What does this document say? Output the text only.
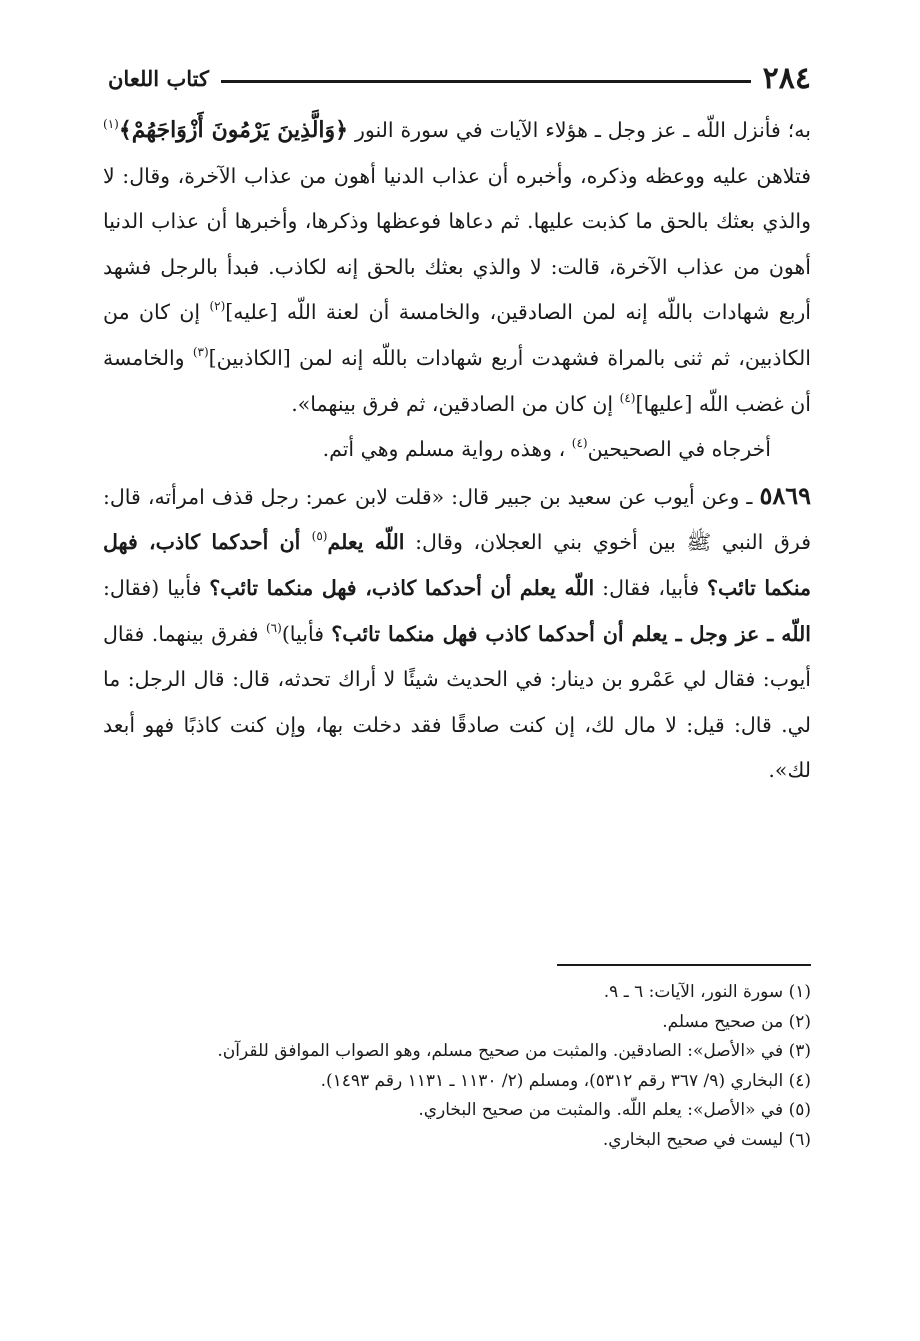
٢٨٤
كتاب اللعان

به؛ فأنزل اللّه ـ عز وجل ـ هؤلاء الآيات في سورة النور ﴿وَالَّذِينَ يَرْمُونَ أَزْوَاجَهُمْ﴾$^{(١)}$ فتلاهن عليه ووعظه وذكره، وأخبره أن عذاب الدنيا أهون من عذاب الآخرة، وقال: لا والذي بعثك بالحق ما كذبت عليها. ثم دعاها فوعظها وذكرها، وأخبرها أن عذاب الدنيا أهون من عذاب الآخرة، قالت: لا والذي بعثك بالحق إنه لكاذب. فبدأ بالرجل فشهد أربع شهادات باللّه إنه لمن الصادقين، والخامسة أن لعنة اللّه [عليه]$^{(٢)}$ إن كان من الكاذبين، ثم ثنى بالمراة فشهدت أربع شهادات باللّه إنه لمن [الكاذبين]$^{(٣)}$ والخامسة أن غضب اللّه [عليها]$^{(٤)}$ إن كان من الصادقين، ثم فرق بينهما».

أخرجاه في الصحيحين$^{(٤)}$ ، وهذه رواية مسلم وهي أتم.

٥٨٦٩ ـ وعن أيوب عن سعيد بن جبير قال: «قلت لابن عمر: رجل قذف امرأته، قال: فرق النبي ﷺ بين أخوي بني العجلان، وقال: اللّه يعلم$^{(٥)}$ أن أحدكما كاذب، فهل منكما تائب؟ فأبيا، فقال: اللّه يعلم أن أحدكما كاذب، فهل منكما تائب؟ فأبيا (فقال: اللّه ـ عز وجل ـ يعلم أن أحدكما كاذب فهل منكما تائب؟ فأبيا)$^{(٦)}$ ففرق بينهما. فقال أيوب: فقال لي عَمْرو بن دينار: في الحديث شيئًا لا أراك تحدثه، قال: قال الرجل: ما لي. قال: قيل: لا مال لك، إن كنت صادقًا فقد دخلت بها، وإن كنت كاذبًا فهو أبعد لك».

(١) سورة النور، الآيات: ٦ ـ ٩.
(٢) من صحيح مسلم.
(٣) في «الأصل»: الصادقين. والمثبت من صحيح مسلم، وهو الصواب الموافق للقرآن.
(٤) البخاري (٩/ ٣٦٧ رقم ٥٣١٢)، ومسلم (٢/ ١١٣٠ ـ ١١٣١ رقم ١٤٩٣).
(٥) في «الأصل»: يعلم اللّه. والمثبت من صحيح البخاري.
(٦) ليست في صحيح البخاري.
